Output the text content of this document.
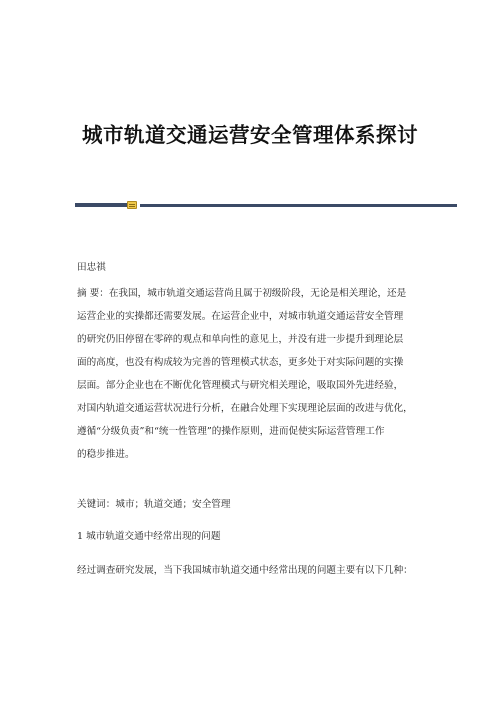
城市轨道交通运营安全管理体系探讨
田忠祺

摘 要：在我国，城市轨道交通运营尚且属于初级阶段，无论是相关理论，还是

运营企业的实操都还需要发展。在运营企业中，对城市轨道交通运营安全管理

的研究仍旧停留在零碎的观点和单向性的意见上，并没有进一步提升到理论层

面的高度，也没有构成较为完善的管理模式状态，更多处于对实际问题的实操

层面。部分企业也在不断优化管理模式与研究相关理论，吸取国外先进经验，

对国内轨道交通运营状况进行分析，在融合处理下实现理论层面的改进与优化，

遵循“分级负责”和“统一性管理”的操作原则，进而促使实际运营管理工作

的稳步推进。

关键词：城市；轨道交通；安全管理
1 城市轨道交通中经常出现的问题
经过调查研究发展，当下我国城市轨道交通中经常出现的问题主要有以下几种：
